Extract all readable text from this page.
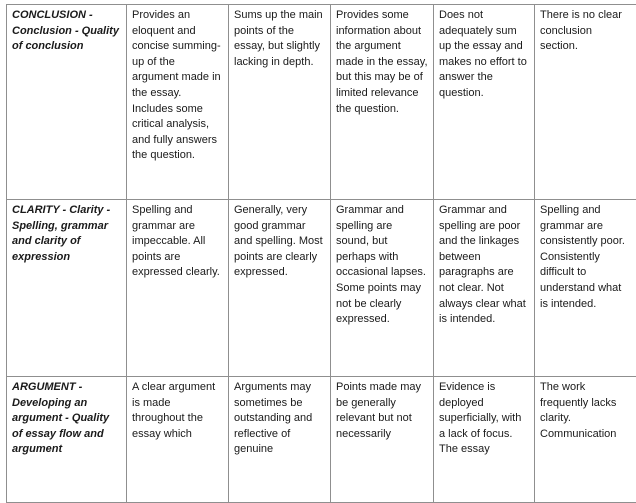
CONCLUSION - Conclusion - Quality of conclusion	Provides an eloquent and concise summing-up of the argument made in the essay. Includes some critical analysis, and fully answers the question.	Sums up the main points of the essay, but slightly lacking in depth.	Provides some information about the argument made in the essay, but this may be of limited relevance the question.	Does not adequately sum up the essay and makes no effort to answer the question.	There is no clear conclusion section.
CLARITY - Clarity - Spelling, grammar and clarity of expression	Spelling and grammar are impeccable. All points are expressed clearly.	Generally, very good grammar and spelling. Most points are clearly expressed.	Grammar and spelling are sound, but perhaps with occasional lapses. Some points may not be clearly expressed.	Grammar and spelling are poor and the linkages between paragraphs are not clear. Not always clear what is intended.	Spelling and grammar are consistently poor. Consistently difficult to understand what is intended.
ARGUMENT - Developing an argument - Quality of essay flow and argument	A clear argument is made throughout the essay which	Arguments may sometimes be outstanding and reflective of genuine	Points made may be generally relevant but not necessarily	Evidence is deployed superficially, with a lack of focus. The essay	The work frequently lacks clarity. Communication
